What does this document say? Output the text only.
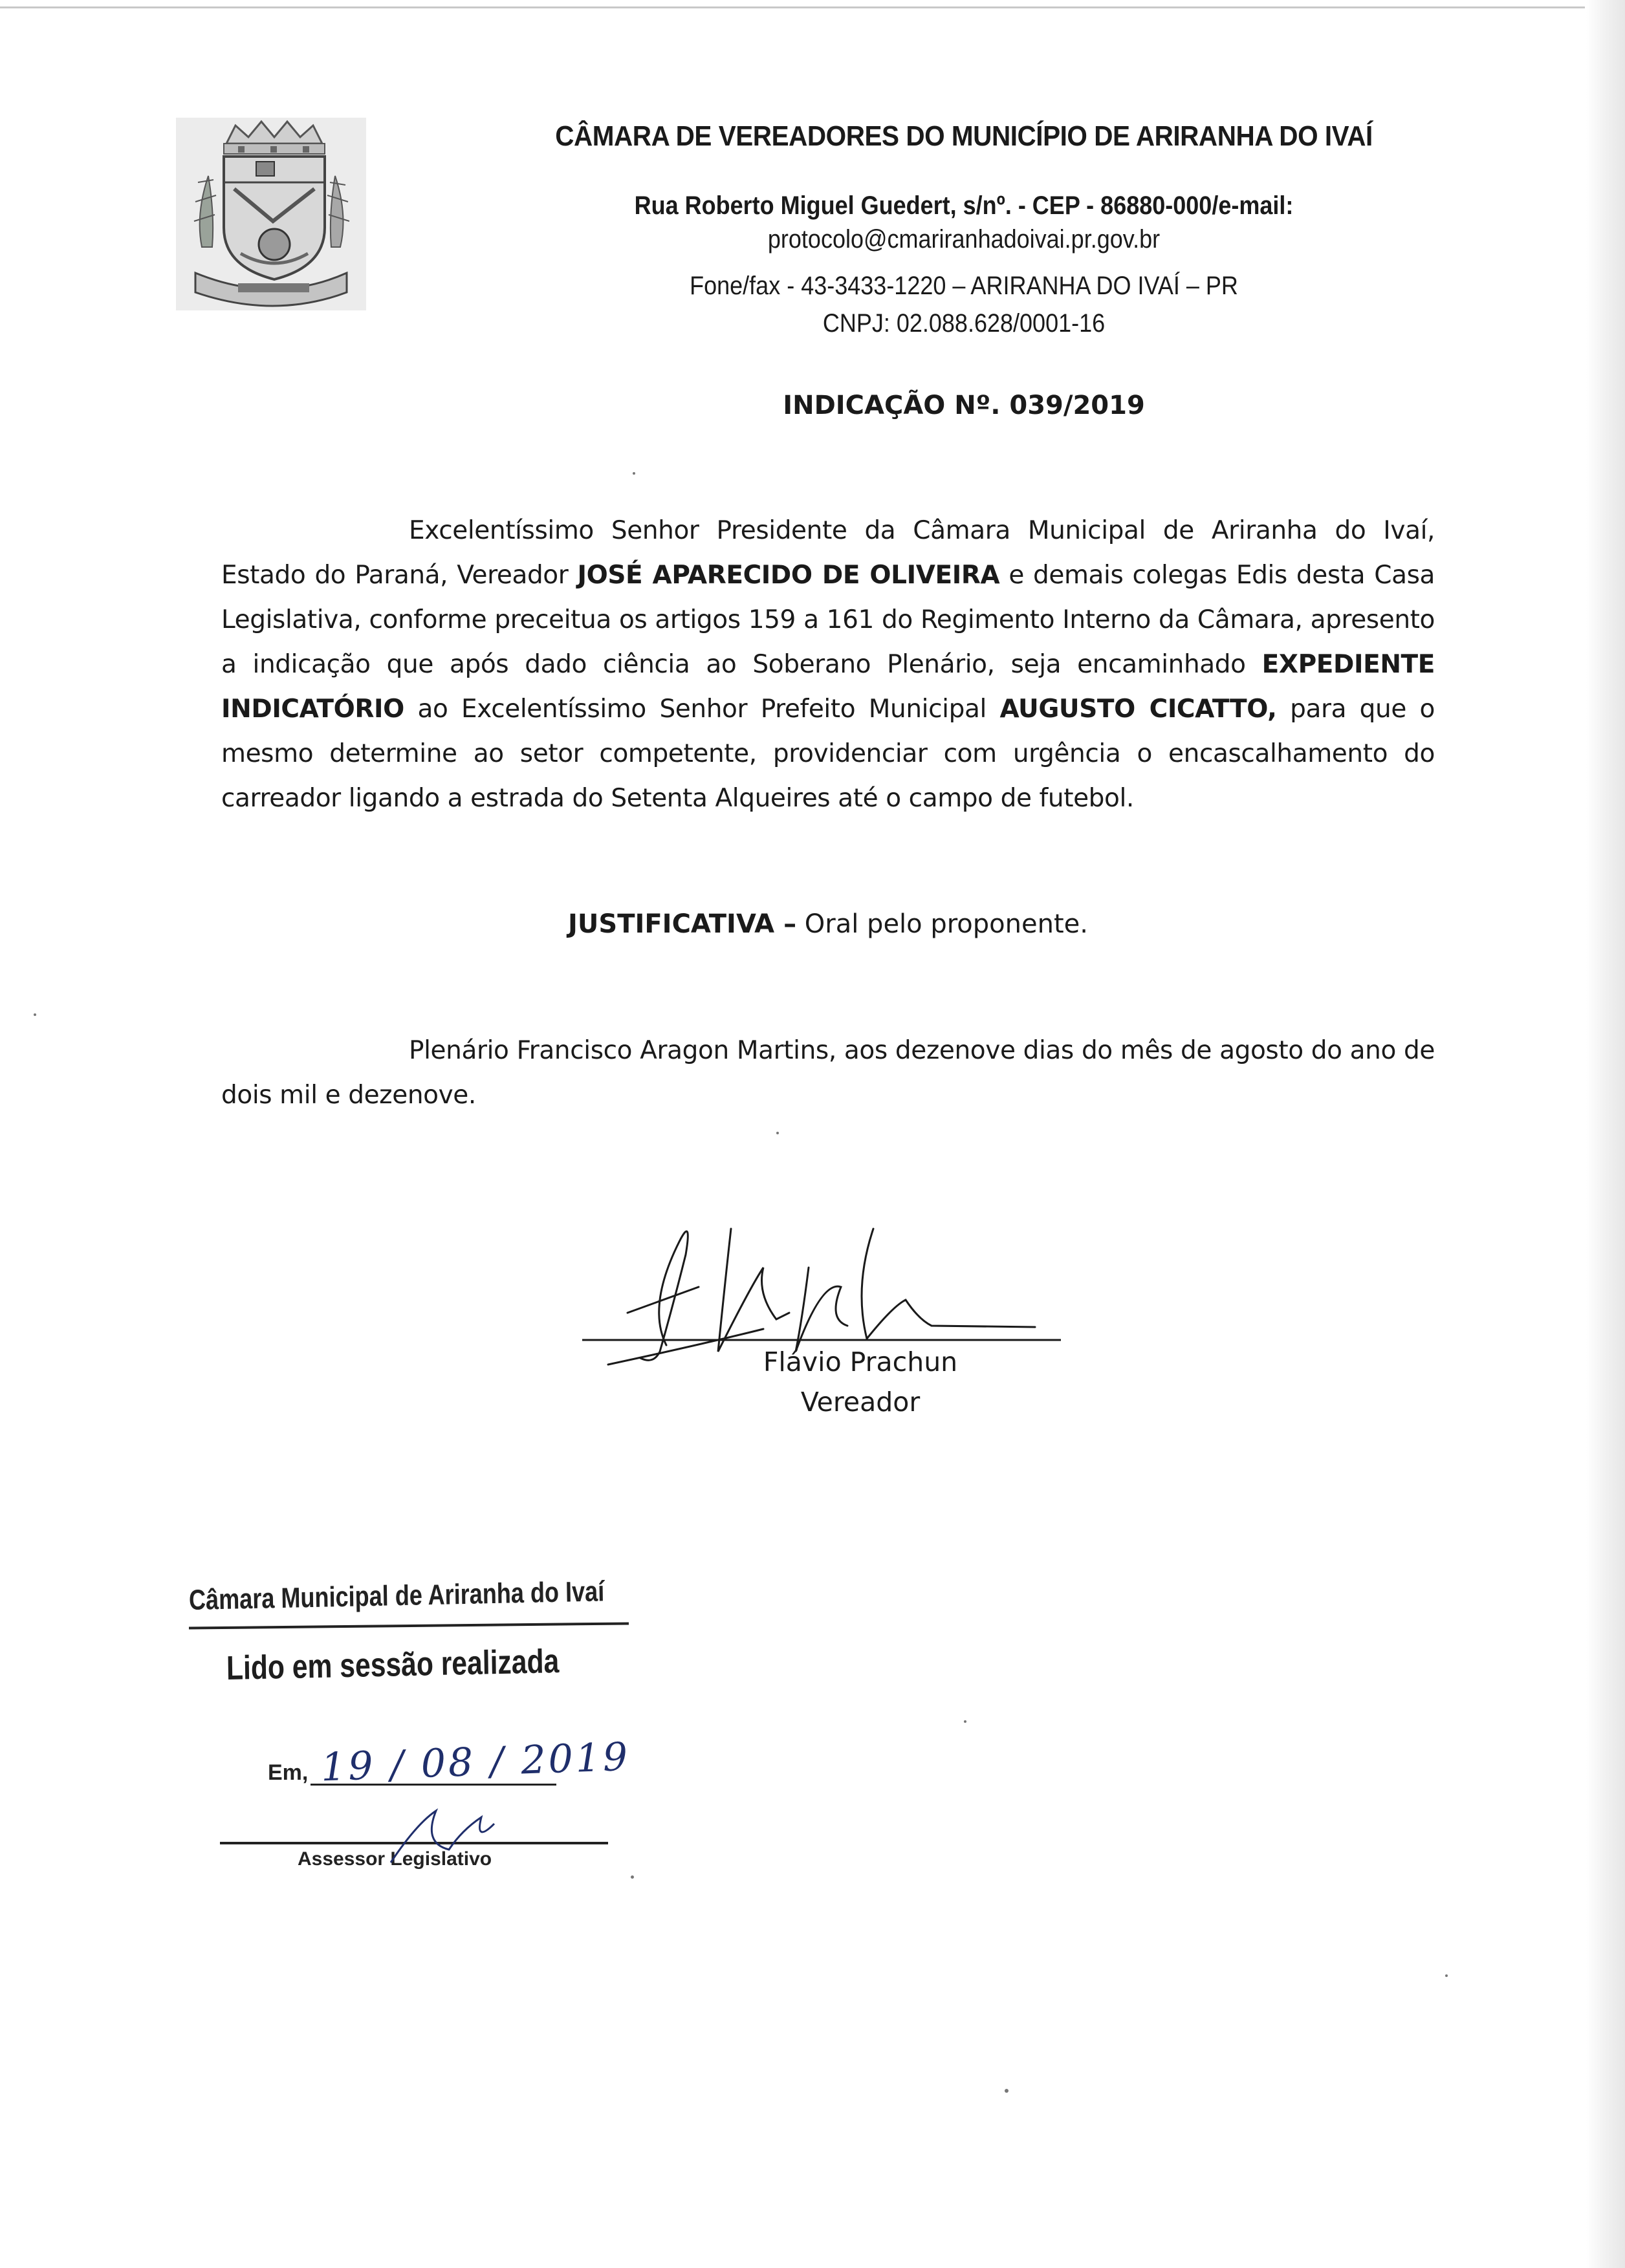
CÂMARA DE VEREADORES DO MUNICÍPIO DE ARIRANHA DO IVAÍ
Rua Roberto Miguel Guedert, s/nº. - CEP - 86880-000/e-mail:
protocolo@cmariranhadoivai.pr.gov.br
Fone/fax - 43-3433-1220 – ARIRANHA DO IVAÍ – PR
CNPJ: 02.088.628/0001-16
INDICAÇÃO Nº. 039/2019
Excelentíssimo Senhor Presidente da Câmara Municipal de Ariranha do Ivaí, Estado do Paraná, Vereador JOSÉ APARECIDO DE OLIVEIRA e demais colegas Edis desta Casa Legislativa, conforme preceitua os artigos 159 a 161 do Regimento Interno da Câmara, apresento a indicação que após dado ciência ao Soberano Plenário, seja encaminhado EXPEDIENTE INDICATÓRIO ao Excelentíssimo Senhor Prefeito Municipal AUGUSTO CICATTO, para que o mesmo determine ao setor competente, providenciar com urgência o encascalhamento do carreador ligando a estrada do Setenta Alqueires até o campo de futebol.
JUSTIFICATIVA – Oral pelo proponente.
Plenário Francisco Aragon Martins, aos dezenove dias do mês de agosto do ano de dois mil e dezenove.
Flávio Prachun
Vereador
Câmara Municipal de Ariranha do Ivaí
Lido em sessão realizada
Em, 19 / 08 / 2019
Assessor Legislativo
